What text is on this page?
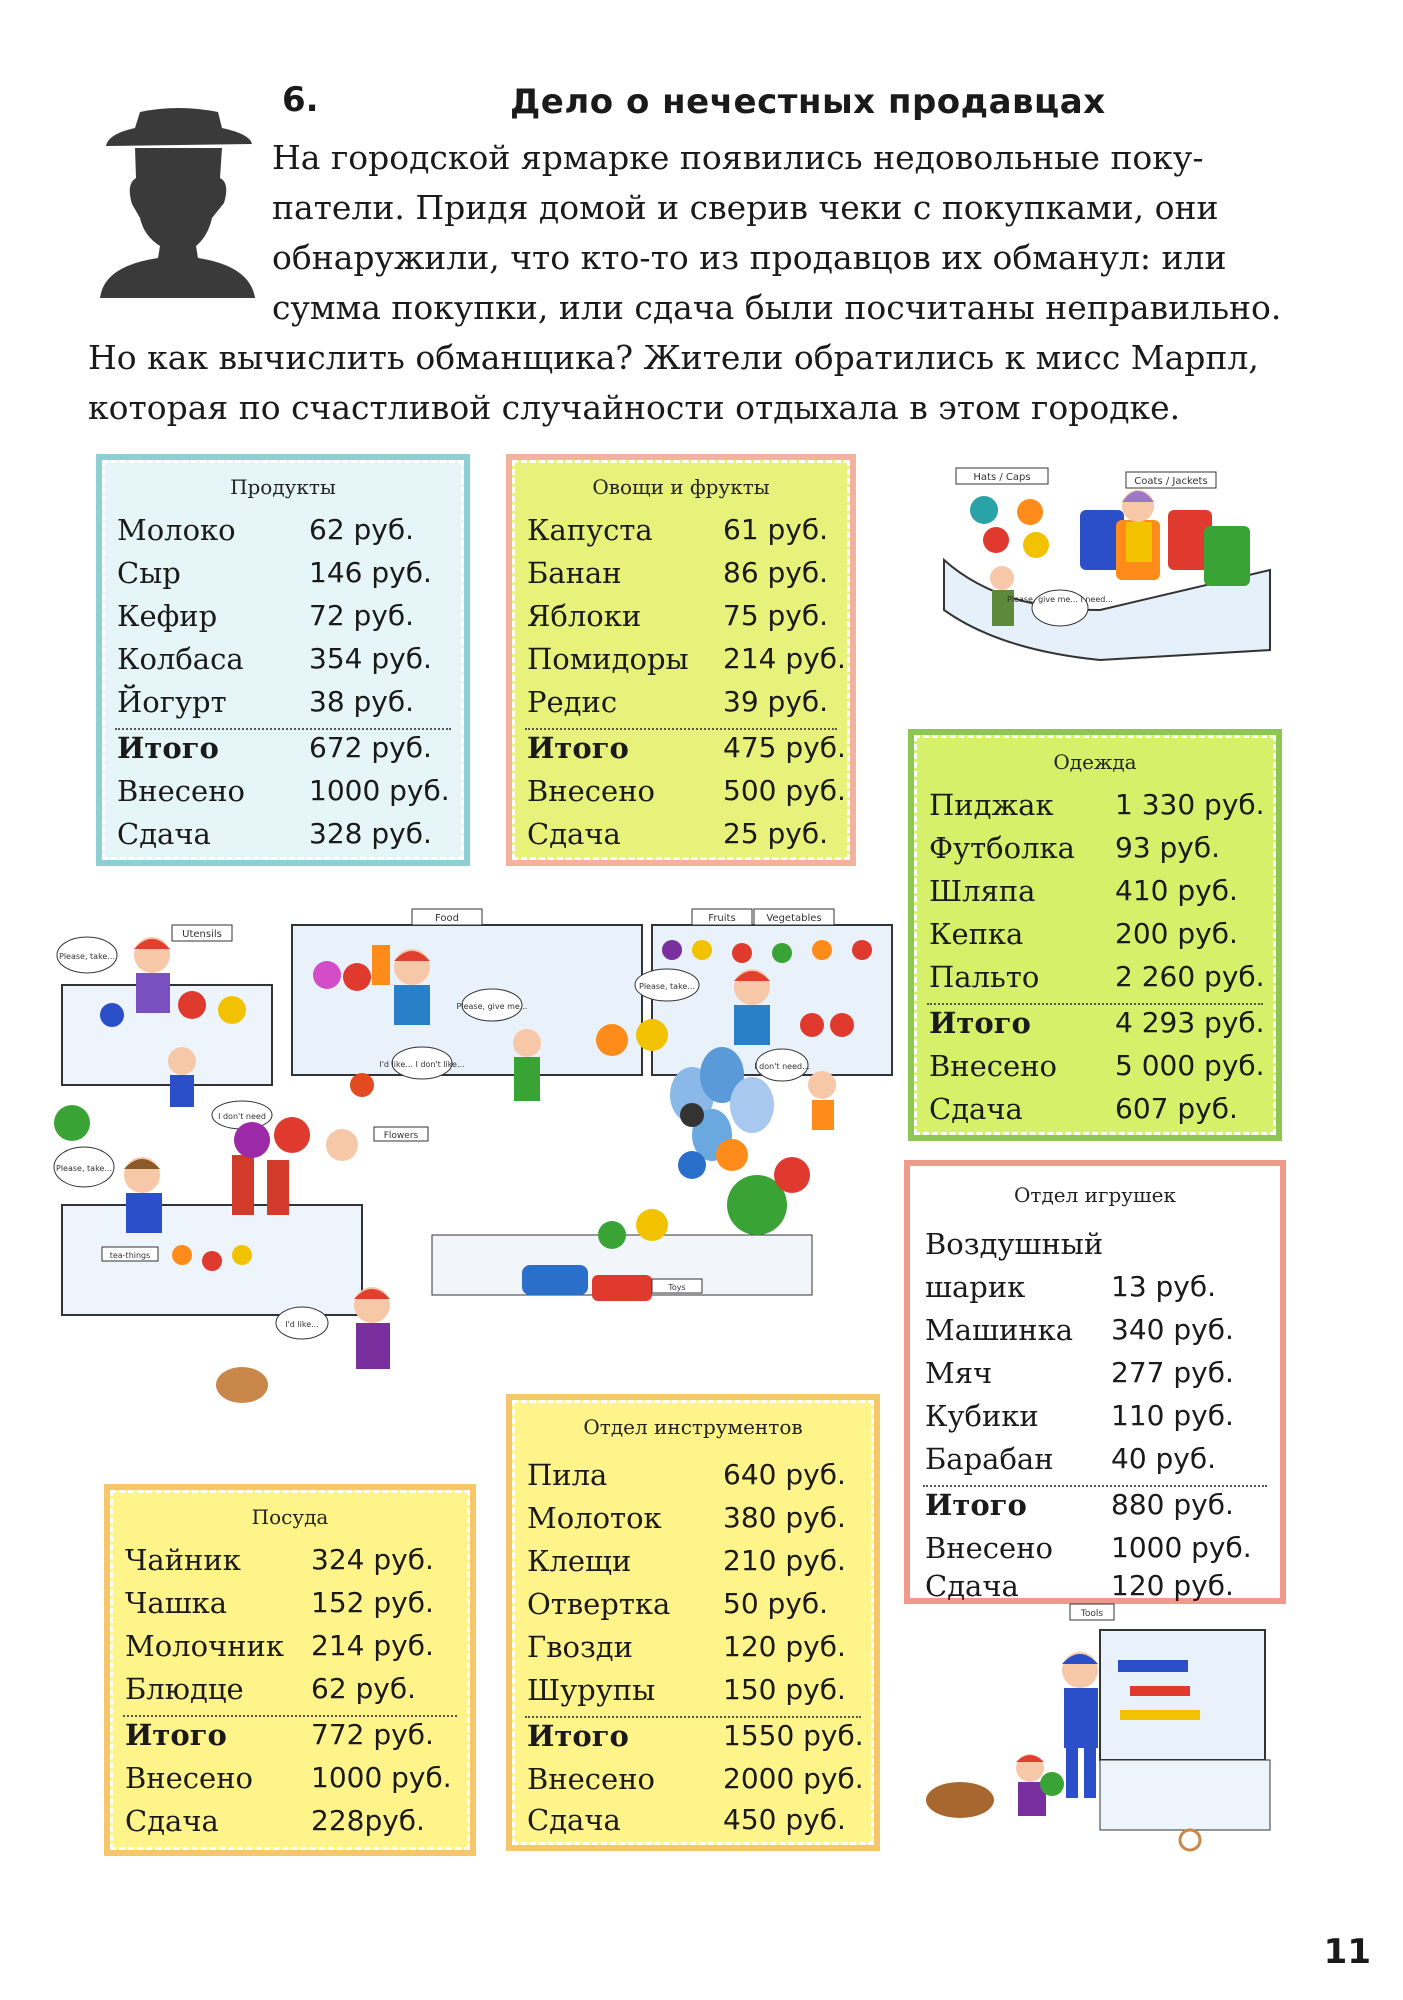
6.	Дело о нечестных продавцах
На городской ярмарке появились недовольные поку-
патели. Придя домой и сверив чеки с покупками, они
обнаружили, что кто-то из продавцов их обманул: или
сумма покупки, или сдача были посчитаны неправильно.
Но как вычислить обманщика? Жители обратились к мисс Марпл,
которая по счастливой случайности отдыхала в этом городке.
Продукты
Молоко	62 руб.
Сыр	146 руб.
Кефир	72 руб.
Колбаса 354 руб.
Йогурт	38 руб.
Итого	672 руб.
Внесено 1000 руб.
Сдача	328 руб.
Овощи и фрукты
Капуста	61 руб.
Банан	86 руб.
Яблоки	75 руб.
Помидоры 214 руб.
Редис	39 руб.
Итого	475 руб.
Внесено 500 руб.
Сдача	25 руб.
Одежда
Пиджак 1 330 руб.
Футболка 93 руб.
Шляпа	410 руб.
Кепка	200 руб.
Пальто	2 260 руб.
Итого	4 293 руб.
Внесено 5 000 руб.
Сдача	607 руб.
Отдел игрушек
Воздушный
шарик	13 руб.
Машинка 340 руб.
Мяч	277 руб.
Кубики	110 руб.
Барабан 40 руб.
Итого	880 руб.
Внесено 1000 руб.
Сдача	120 руб.
Отдел инструментов
Пила	640 руб.
Молоток 380 руб.
Клещи	210 руб.
Отвертка 50 руб.
Гвозди	120 руб.
Шурупы 150 руб.
Итого	1550 руб.
Внесено 2000 руб.
Сдача	450 руб.
Посуда
Чайник	324 руб.
Чашка	152 руб.
Молочник 214 руб.
Блюдце 62 руб.
Итого	772 руб.
Внесено 1000 руб.
Сдача	228руб.
Hats / Caps	Coats / Jackets
Please, give me... I need...
Utensils
Please, take...
I don't need
Food
Please, give me...
I'd like... I don't like...
Fruits	Vegetables
Please, take...
I don't need...
Please, take...
tea-things
Flowers
I'd like...
Toys
Tools
11
